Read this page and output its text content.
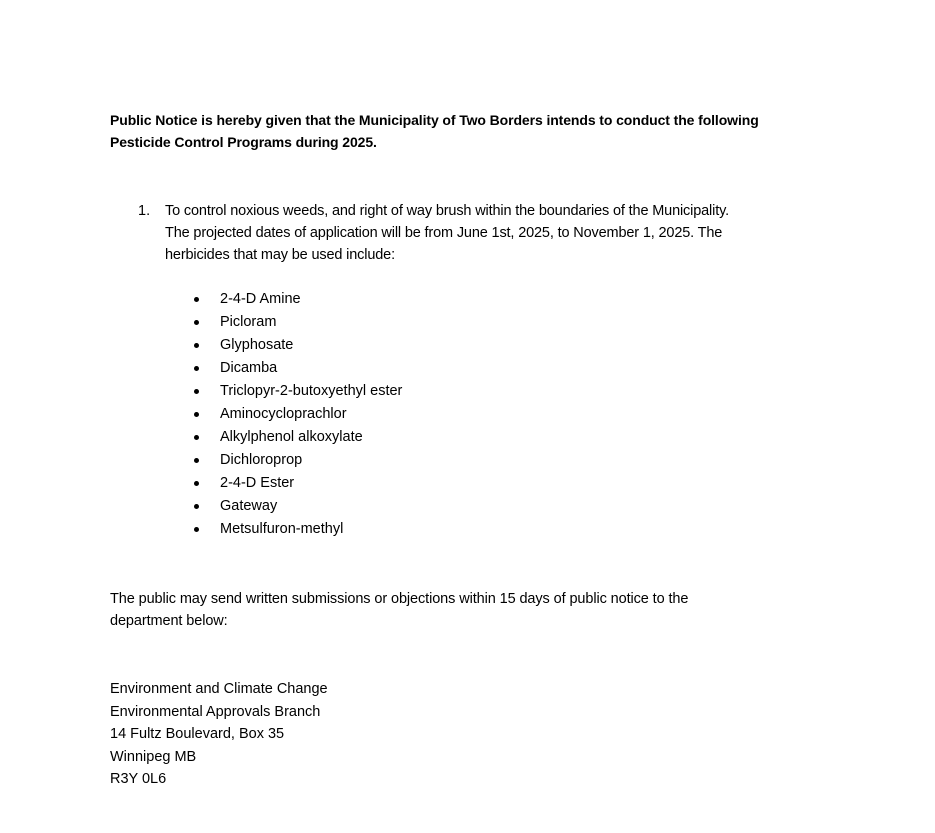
Public Notice is hereby given that the Municipality of Two Borders intends to conduct the following
Pesticide Control Programs during 2025.
1. To control noxious weeds, and right of way brush within the boundaries of the Municipality.
The projected dates of application will be from June 1st, 2025, to November 1, 2025. The
herbicides that may be used include:
2-4-D Amine
Picloram
Glyphosate
Dicamba
Triclopyr-2-butoxyethyl ester
Aminocycloprachlor
Alkylphenol alkoxylate
Dichloroprop
2-4-D Ester
Gateway
Metsulfuron-methyl
The public may send written submissions or objections within 15 days of public notice to the
department below:
Environment and Climate Change
Environmental Approvals Branch
14 Fultz Boulevard, Box 35
Winnipeg MB
R3Y 0L6
